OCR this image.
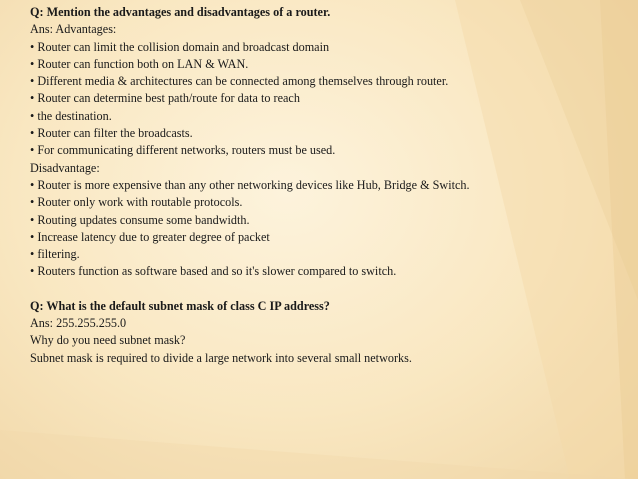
Q: Mention the advantages and disadvantages of a router.
Ans: Advantages:
• Router can limit the collision domain and broadcast domain
• Router can function both on LAN & WAN.
• Different media & architectures can be connected among themselves through router.
• Router can determine best path/route for data to reach
• the destination.
• Router can filter the broadcasts.
• For communicating different networks, routers must be used.
Disadvantage:
• Router is more expensive than any other networking devices like Hub, Bridge & Switch.
• Router only work with routable protocols.
• Routing updates consume some bandwidth.
• Increase latency due to greater degree of packet
• filtering.
• Routers function as software based and so it's slower compared to switch.
Q: What is the default subnet mask of class C IP address?
Ans: 255.255.255.0
Why do you need subnet mask?
Subnet mask is required to divide a large network into several small networks.
